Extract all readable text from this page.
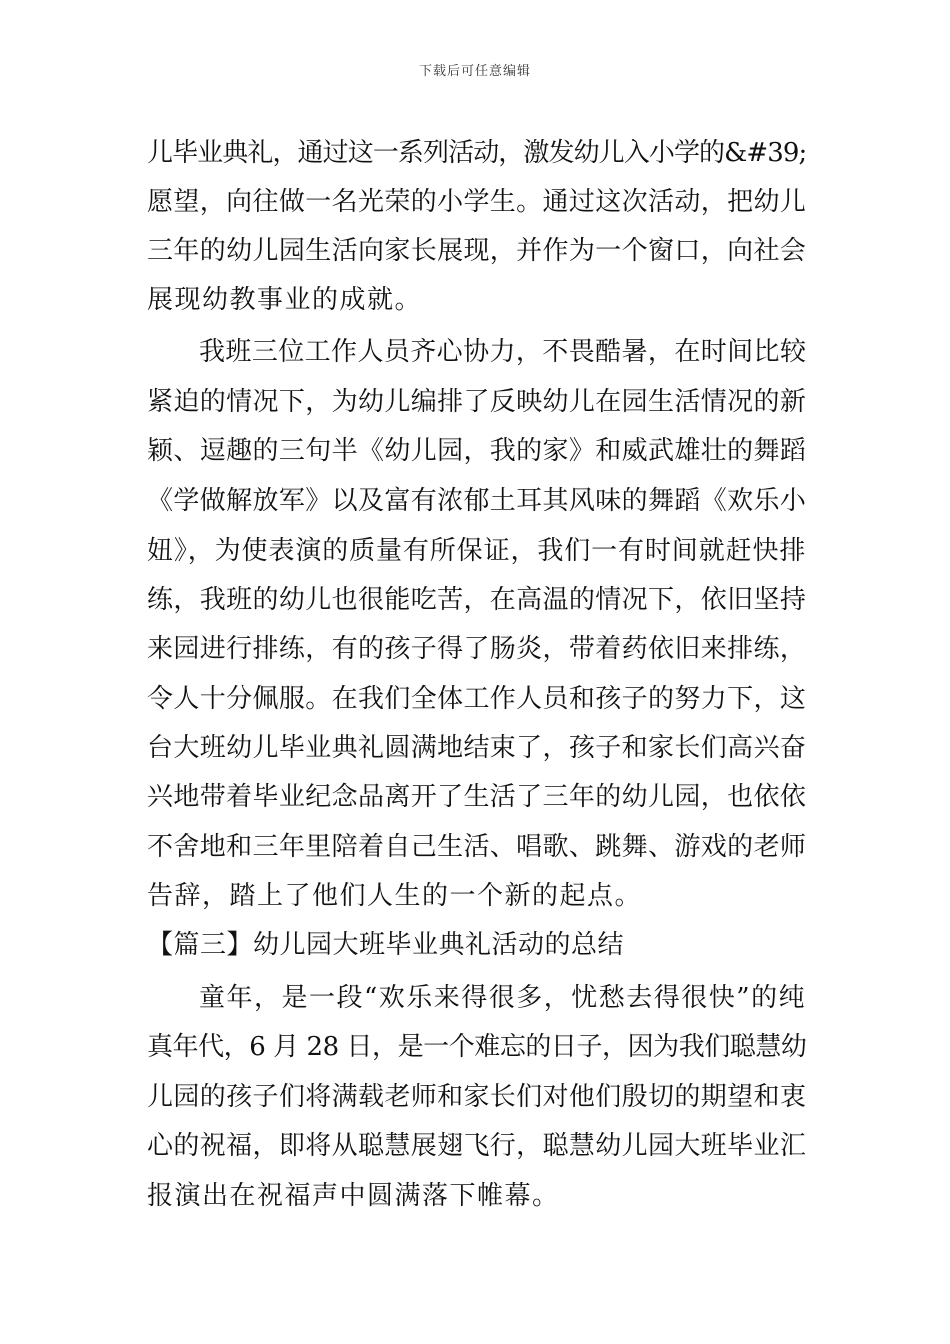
下载后可任意编辑
儿毕业典礼，通过这一系列活动，激发幼儿入小学的&#39;
愿望，向往做一名光荣的小学生。通过这次活动，把幼儿
三年的幼儿园生活向家长展现，并作为一个窗口，向社会
展现幼教事业的成就。
我班三位工作人员齐心协力，不畏酷暑，在时间比较
紧迫的情况下，为幼儿编排了反映幼儿在园生活情况的新
颖、逗趣的三句半《幼儿园，我的家》和威武雄壮的舞蹈
《学做解放军》以及富有浓郁土耳其风味的舞蹈《欢乐小
妞》，为使表演的质量有所保证，我们一有时间就赶快排
练，我班的幼儿也很能吃苦，在高温的情况下，依旧坚持
来园进行排练，有的孩子得了肠炎，带着药依旧来排练，
令人十分佩服。在我们全体工作人员和孩子的努力下，这
台大班幼儿毕业典礼圆满地结束了，孩子和家长们高兴奋
兴地带着毕业纪念品离开了生活了三年的幼儿园，也依依
不舍地和三年里陪着自己生活、唱歌、跳舞、游戏的老师
告辞，踏上了他们人生的一个新的起点。
【篇三】幼儿园大班毕业典礼活动的总结
童年，是一段“欢乐来得很多，忧愁去得很快”的纯
真年代，6 月 28 日，是一个难忘的日子，因为我们聪慧幼
儿园的孩子们将满载老师和家长们对他们殷切的期望和衷
心的祝福，即将从聪慧展翅飞行，聪慧幼儿园大班毕业汇
报演出在祝福声中圆满落下帷幕。
